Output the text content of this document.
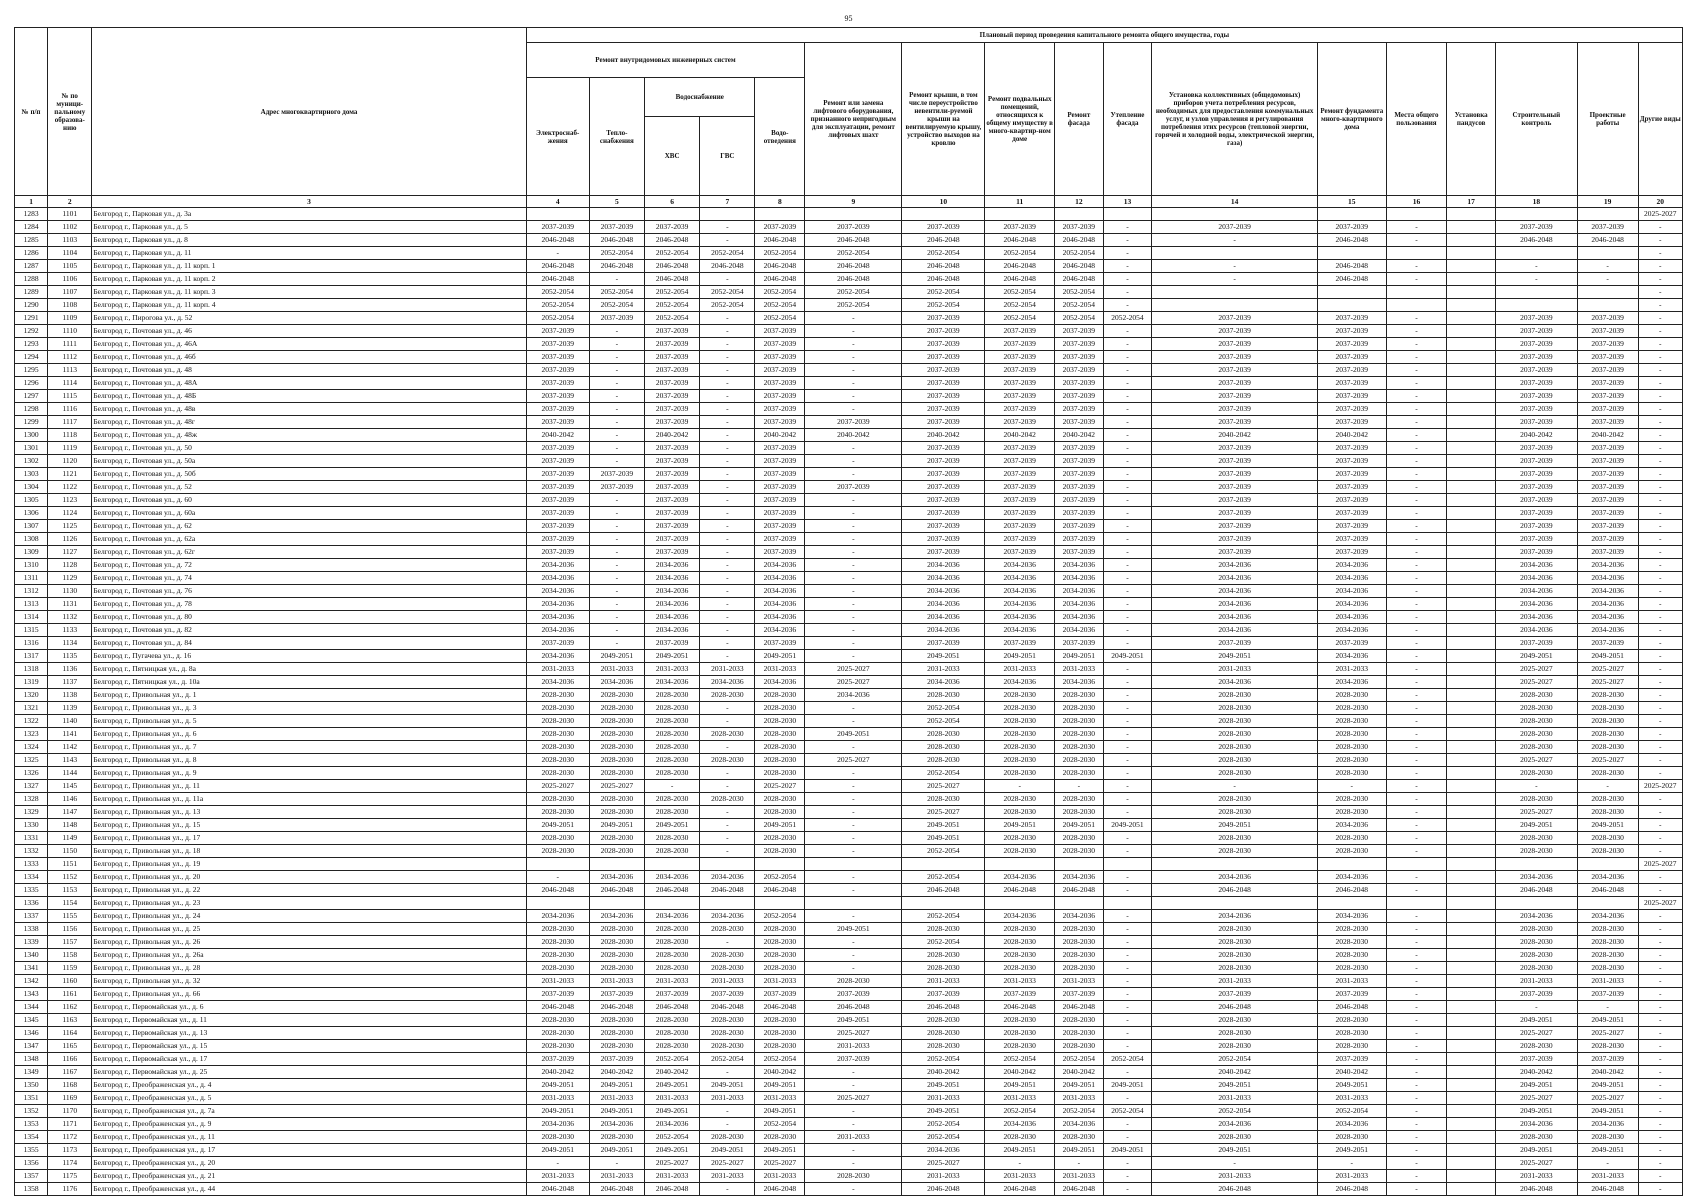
95
№ п/п	№ по муници-пальному образова-нию	Адрес многоквартирного дома	Плановый период проведения капитального ремонта общего имущества, годы																
			Ремонт внутридомовых инженерных систем					Ремонт или замена лифтового оборудования, признанного непригодным для эксплуатации, ремонт лифтовых шахт	Ремонт крыши, в том числе переустройство невентили-руемой крыши на вентилируемую крышу, устройство выходов на кровлю	Ремонт подвальных помещений, относящихся к общему имуществу в много-квартир-ном доме	Ремонт фасада	Утепление фасада	Установка коллективных (общедомовых) приборов учета потребления ресурсов, необходимых для предоставления коммунальных услуг, и узлов управления и регулирования потребления этих ресурсов (тепловой энергии, горячей и холодной воды, электрической энергии, газа)	Ремонт фундамента много-квартирного дома	Места общего пользования	Установка пандусов	Строительный контроль	Проектные работы	Другие виды
			Электроснаб-жения	Тепло-снабжения	Водоснабжение		Водо-отведения												
					ХВС	ГВС													
1	2	3	4	5	6	7	8	9	10	11	12	13	14	15	16	17	18	19	20
1283	1101	Белгород г., Парковая ул., д. 3а																	2025-2027
1284	1102	Белгород г., Парковая ул., д. 5	2037-2039	2037-2039	2037-2039	-	2037-2039	2037-2039	2037-2039	2037-2039	2037-2039	-	2037-2039	2037-2039	-		2037-2039	2037-2039	-
1285	1103	Белгород г., Парковая ул., д. 8	2046-2048	2046-2048	2046-2048	-	2046-2048	2046-2048	2046-2048	2046-2048	2046-2048	-	-	2046-2048	-		2046-2048	2046-2048	-
1286	1104	Белгород г., Парковая ул., д. 11	-	2052-2054	2052-2054	2052-2054	2052-2054	2052-2054	2052-2054	2052-2054	2052-2054	-							-
1287	1105	Белгород г., Парковая ул., д. 11 корп. 1	2046-2048	2046-2048	2046-2048	2046-2048	2046-2048	2046-2048	2046-2048	2046-2048	2046-2048	-	-	2046-2048	-		-	-	-
1288	1106	Белгород г., Парковая ул., д. 11 корп. 2	2046-2048	-	2046-2048	-	2046-2048	2046-2048	2046-2048	2046-2048	2046-2048	-	-	2046-2048	-		-	-	-
1289	1107	Белгород г., Парковая ул., д. 11 корп. 3	2052-2054	2052-2054	2052-2054	2052-2054	2052-2054	2052-2054	2052-2054	2052-2054	2052-2054	-							-
1290	1108	Белгород г., Парковая ул., д. 11 корп. 4	2052-2054	2052-2054	2052-2054	2052-2054	2052-2054	2052-2054	2052-2054	2052-2054	2052-2054	-							-
1291	1109	Белгород г., Пирогова ул., д. 52	2052-2054	2037-2039	2052-2054	-	2052-2054	-	2037-2039	2052-2054	2052-2054	2052-2054	2037-2039	2037-2039	-		2037-2039	2037-2039	-
1292	1110	Белгород г., Почтовая ул., д. 46	2037-2039	-	2037-2039	-	2037-2039	-	2037-2039	2037-2039	2037-2039	-	2037-2039	2037-2039	-		2037-2039	2037-2039	-
1293	1111	Белгород г., Почтовая ул., д. 46А	2037-2039	-	2037-2039	-	2037-2039	-	2037-2039	2037-2039	2037-2039	-	2037-2039	2037-2039	-		2037-2039	2037-2039	-
1294	1112	Белгород г., Почтовая ул., д. 46б	2037-2039	-	2037-2039	-	2037-2039	-	2037-2039	2037-2039	2037-2039	-	2037-2039	2037-2039	-		2037-2039	2037-2039	-
1295	1113	Белгород г., Почтовая ул., д. 48	2037-2039	-	2037-2039	-	2037-2039	-	2037-2039	2037-2039	2037-2039	-	2037-2039	2037-2039	-		2037-2039	2037-2039	-
1296	1114	Белгород г., Почтовая ул., д. 48А	2037-2039	-	2037-2039	-	2037-2039	-	2037-2039	2037-2039	2037-2039	-	2037-2039	2037-2039	-		2037-2039	2037-2039	-
1297	1115	Белгород г., Почтовая ул., д. 48Б	2037-2039	-	2037-2039	-	2037-2039	-	2037-2039	2037-2039	2037-2039	-	2037-2039	2037-2039	-		2037-2039	2037-2039	-
1298	1116	Белгород г., Почтовая ул., д. 48в	2037-2039	-	2037-2039	-	2037-2039	-	2037-2039	2037-2039	2037-2039	-	2037-2039	2037-2039	-		2037-2039	2037-2039	-
1299	1117	Белгород г., Почтовая ул., д. 48г	2037-2039	-	2037-2039	-	2037-2039	2037-2039	2037-2039	2037-2039	2037-2039	-	2037-2039	2037-2039	-		2037-2039	2037-2039	-
1300	1118	Белгород г., Почтовая ул., д. 48ж	2040-2042	-	2040-2042	-	2040-2042	2040-2042	2040-2042	2040-2042	2040-2042	-	2040-2042	2040-2042	-		2040-2042	2040-2042	-
1301	1119	Белгород г., Почтовая ул., д. 50	2037-2039	-	2037-2039	-	2037-2039	-	2037-2039	2037-2039	2037-2039	-	2037-2039	2037-2039	-		2037-2039	2037-2039	-
1302	1120	Белгород г., Почтовая ул., д. 50а	2037-2039	-	2037-2039	-	2037-2039	-	2037-2039	2037-2039	2037-2039	-	2037-2039	2037-2039	-		2037-2039	2037-2039	-
1303	1121	Белгород г., Почтовая ул., д. 50б	2037-2039	2037-2039	2037-2039	-	2037-2039	-	2037-2039	2037-2039	2037-2039	-	2037-2039	2037-2039	-		2037-2039	2037-2039	-
1304	1122	Белгород г., Почтовая ул., д. 52	2037-2039	2037-2039	2037-2039	-	2037-2039	2037-2039	2037-2039	2037-2039	2037-2039	-	2037-2039	2037-2039	-		2037-2039	2037-2039	-
1305	1123	Белгород г., Почтовая ул., д. 60	2037-2039	-	2037-2039	-	2037-2039	-	2037-2039	2037-2039	2037-2039	-	2037-2039	2037-2039	-		2037-2039	2037-2039	-
1306	1124	Белгород г., Почтовая ул., д. 60а	2037-2039	-	2037-2039	-	2037-2039	-	2037-2039	2037-2039	2037-2039	-	2037-2039	2037-2039	-		2037-2039	2037-2039	-
1307	1125	Белгород г., Почтовая ул., д. 62	2037-2039	-	2037-2039	-	2037-2039	-	2037-2039	2037-2039	2037-2039	-	2037-2039	2037-2039	-		2037-2039	2037-2039	-
1308	1126	Белгород г., Почтовая ул., д. 62а	2037-2039	-	2037-2039	-	2037-2039	-	2037-2039	2037-2039	2037-2039	-	2037-2039	2037-2039	-		2037-2039	2037-2039	-
1309	1127	Белгород г., Почтовая ул., д. 62г	2037-2039	-	2037-2039	-	2037-2039	-	2037-2039	2037-2039	2037-2039	-	2037-2039	2037-2039	-		2037-2039	2037-2039	-
1310	1128	Белгород г., Почтовая ул., д. 72	2034-2036	-	2034-2036	-	2034-2036	-	2034-2036	2034-2036	2034-2036	-	2034-2036	2034-2036	-		2034-2036	2034-2036	-
1311	1129	Белгород г., Почтовая ул., д. 74	2034-2036	-	2034-2036	-	2034-2036	-	2034-2036	2034-2036	2034-2036	-	2034-2036	2034-2036	-		2034-2036	2034-2036	-
1312	1130	Белгород г., Почтовая ул., д. 76	2034-2036	-	2034-2036	-	2034-2036	-	2034-2036	2034-2036	2034-2036	-	2034-2036	2034-2036	-		2034-2036	2034-2036	-
1313	1131	Белгород г., Почтовая ул., д. 78	2034-2036	-	2034-2036	-	2034-2036	-	2034-2036	2034-2036	2034-2036	-	2034-2036	2034-2036	-		2034-2036	2034-2036	-
1314	1132	Белгород г., Почтовая ул., д. 80	2034-2036	-	2034-2036	-	2034-2036	-	2034-2036	2034-2036	2034-2036	-	2034-2036	2034-2036	-		2034-2036	2034-2036	-
1315	1133	Белгород г., Почтовая ул., д. 82	2034-2036	-	2034-2036	-	2034-2036	-	2034-2036	2034-2036	2034-2036	-	2034-2036	2034-2036	-		2034-2036	2034-2036	-
1316	1134	Белгород г., Почтовая ул., д. 84	2037-2039	-	2037-2039	-	2037-2039	-	2037-2039	2037-2039	2037-2039	-	2037-2039	2037-2039	-		2037-2039	2037-2039	-
1317	1135	Белгород г., Пугачева ул., д. 16	2034-2036	2049-2051	2049-2051	-	2049-2051	-	2049-2051	2049-2051	2049-2051	2049-2051	2049-2051	2034-2036	-		2049-2051	2049-2051	-
1318	1136	Белгород г., Пятницкая ул., д. 8а	2031-2033	2031-2033	2031-2033	2031-2033	2031-2033	2025-2027	2031-2033	2031-2033	2031-2033	-	2031-2033	2031-2033	-		2025-2027	2025-2027	-
1319	1137	Белгород г., Пятницкая ул., д. 10а	2034-2036	2034-2036	2034-2036	2034-2036	2034-2036	2025-2027	2034-2036	2034-2036	2034-2036	-	2034-2036	2034-2036	-		2025-2027	2025-2027	-
1320	1138	Белгород г., Привольная ул., д. 1	2028-2030	2028-2030	2028-2030	2028-2030	2028-2030	2034-2036	2028-2030	2028-2030	2028-2030	-	2028-2030	2028-2030	-		2028-2030	2028-2030	-
1321	1139	Белгород г., Привольная ул., д. 3	2028-2030	2028-2030	2028-2030	-	2028-2030	-	2052-2054	2028-2030	2028-2030	-	2028-2030	2028-2030	-		2028-2030	2028-2030	-
1322	1140	Белгород г., Привольная ул., д. 5	2028-2030	2028-2030	2028-2030	-	2028-2030	-	2052-2054	2028-2030	2028-2030	-	2028-2030	2028-2030	-		2028-2030	2028-2030	-
1323	1141	Белгород г., Привольная ул., д. 6	2028-2030	2028-2030	2028-2030	2028-2030	2028-2030	2049-2051	2028-2030	2028-2030	2028-2030	-	2028-2030	2028-2030	-		2028-2030	2028-2030	-
1324	1142	Белгород г., Привольная ул., д. 7	2028-2030	2028-2030	2028-2030	-	2028-2030	-	2028-2030	2028-2030	2028-2030	-	2028-2030	2028-2030	-		2028-2030	2028-2030	-
1325	1143	Белгород г., Привольная ул., д. 8	2028-2030	2028-2030	2028-2030	2028-2030	2028-2030	2025-2027	2028-2030	2028-2030	2028-2030	-	2028-2030	2028-2030	-		2025-2027	2025-2027	-
1326	1144	Белгород г., Привольная ул., д. 9	2028-2030	2028-2030	2028-2030	-	2028-2030	-	2052-2054	2028-2030	2028-2030	-	2028-2030	2028-2030	-		2028-2030	2028-2030	-
1327	1145	Белгород г., Привольная ул., д. 11	2025-2027	2025-2027	-	-	2025-2027	-	2025-2027	-	-	-	-	-	-		-	-	2025-2027
1328	1146	Белгород г., Привольная ул., д. 11а	2028-2030	2028-2030	2028-2030	2028-2030	2028-2030	-	2028-2030	2028-2030	2028-2030	-	2028-2030	2028-2030	-		2028-2030	2028-2030	-
1329	1147	Белгород г., Привольная ул., д. 13	2028-2030	2028-2030	2028-2030	-	2028-2030	-	2025-2027	2028-2030	2028-2030	-	2028-2030	2028-2030	-		2025-2027	2028-2030	-
1330	1148	Белгород г., Привольная ул., д. 15	2049-2051	2049-2051	2049-2051	-	2049-2051	-	2049-2051	2049-2051	2049-2051	2049-2051	2049-2051	2034-2036	-		2049-2051	2049-2051	-
1331	1149	Белгород г., Привольная ул., д. 17	2028-2030	2028-2030	2028-2030	-	2028-2030	-	2049-2051	2028-2030	2028-2030	-	2028-2030	2028-2030	-		2028-2030	2028-2030	-
1332	1150	Белгород г., Привольная ул., д. 18	2028-2030	2028-2030	2028-2030	-	2028-2030	-	2052-2054	2028-2030	2028-2030	-	2028-2030	2028-2030	-		2028-2030	2028-2030	-
1333	1151	Белгород г., Привольная ул., д. 19																	2025-2027
1334	1152	Белгород г., Привольная ул., д. 20	-	2034-2036	2034-2036	2034-2036	2052-2054	-	2052-2054	2034-2036	2034-2036	-	2034-2036	2034-2036	-		2034-2036	2034-2036	-
1335	1153	Белгород г., Привольная ул., д. 22	2046-2048	2046-2048	2046-2048	2046-2048	2046-2048	-	2046-2048	2046-2048	2046-2048	-	2046-2048	2046-2048	-		2046-2048	2046-2048	-
1336	1154	Белгород г., Привольная ул., д. 23																	2025-2027
1337	1155	Белгород г., Привольная ул., д. 24	2034-2036	2034-2036	2034-2036	2034-2036	2052-2054	-	2052-2054	2034-2036	2034-2036	-	2034-2036	2034-2036	-		2034-2036	2034-2036	-
1338	1156	Белгород г., Привольная ул., д. 25	2028-2030	2028-2030	2028-2030	2028-2030	2028-2030	2049-2051	2028-2030	2028-2030	2028-2030	-	2028-2030	2028-2030	-		2028-2030	2028-2030	-
1339	1157	Белгород г., Привольная ул., д. 26	2028-2030	2028-2030	2028-2030	-	2028-2030	-	2052-2054	2028-2030	2028-2030	-	2028-2030	2028-2030	-		2028-2030	2028-2030	-
1340	1158	Белгород г., Привольная ул., д. 26а	2028-2030	2028-2030	2028-2030	2028-2030	2028-2030	-	2028-2030	2028-2030	2028-2030	-	2028-2030	2028-2030	-		2028-2030	2028-2030	-
1341	1159	Белгород г., Привольная ул., д. 28	2028-2030	2028-2030	2028-2030	2028-2030	2028-2030	-	2028-2030	2028-2030	2028-2030	-	2028-2030	2028-2030	-		2028-2030	2028-2030	-
1342	1160	Белгород г., Привольная ул., д. 32	2031-2033	2031-2033	2031-2033	2031-2033	2031-2033	2028-2030	2031-2033	2031-2033	2031-2033	-	2031-2033	2031-2033	-		2031-2033	2031-2033	-
1343	1161	Белгород г., Привольная ул., д. 66	2037-2039	2037-2039	2037-2039	2037-2039	2037-2039	2037-2039	2037-2039	2037-2039	2037-2039	-	2037-2039	2037-2039	-		2037-2039	2037-2039	-
1344	1162	Белгород г., Первомайская ул., д. 6	2046-2048	2046-2048	2046-2048	2046-2048	2046-2048	2046-2048	2046-2048	2046-2048	2046-2048	-	2046-2048	2046-2048	-		-	-	-
1345	1163	Белгород г., Первомайская ул., д. 11	2028-2030	2028-2030	2028-2030	2028-2030	2028-2030	2049-2051	2028-2030	2028-2030	2028-2030	-	2028-2030	2028-2030	-		2049-2051	2049-2051	-
1346	1164	Белгород г., Первомайская ул., д. 13	2028-2030	2028-2030	2028-2030	2028-2030	2028-2030	2025-2027	2028-2030	2028-2030	2028-2030	-	2028-2030	2028-2030	-		2025-2027	2025-2027	-
1347	1165	Белгород г., Первомайская ул., д. 15	2028-2030	2028-2030	2028-2030	2028-2030	2028-2030	2031-2033	2028-2030	2028-2030	2028-2030	-	2028-2030	2028-2030	-		2028-2030	2028-2030	-
1348	1166	Белгород г., Первомайская ул., д. 17	2037-2039	2037-2039	2052-2054	2052-2054	2052-2054	2037-2039	2052-2054	2052-2054	2052-2054	2052-2054	2052-2054	2037-2039	-		2037-2039	2037-2039	-
1349	1167	Белгород г., Первомайская ул., д. 25	2040-2042	2040-2042	2040-2042	-	2040-2042	-	2040-2042	2040-2042	2040-2042	-	2040-2042	2040-2042	-		2040-2042	2040-2042	-
1350	1168	Белгород г., Преображенская ул., д. 4	2049-2051	2049-2051	2049-2051	2049-2051	2049-2051	-	2049-2051	2049-2051	2049-2051	2049-2051	2049-2051	2049-2051	-		2049-2051	2049-2051	-
1351	1169	Белгород г., Преображенская ул., д. 5	2031-2033	2031-2033	2031-2033	2031-2033	2031-2033	2025-2027	2031-2033	2031-2033	2031-2033	-	2031-2033	2031-2033	-		2025-2027	2025-2027	-
1352	1170	Белгород г., Преображенская ул., д. 7а	2049-2051	2049-2051	2049-2051	-	2049-2051	-	2049-2051	2052-2054	2052-2054	2052-2054	2052-2054	2052-2054	-		2049-2051	2049-2051	-
1353	1171	Белгород г., Преображенская ул., д. 9	2034-2036	2034-2036	2034-2036	-	2052-2054	-	2052-2054	2034-2036	2034-2036	-	2034-2036	2034-2036	-		2034-2036	2034-2036	-
1354	1172	Белгород г., Преображенская ул., д. 11	2028-2030	2028-2030	2052-2054	2028-2030	2028-2030	2031-2033	2052-2054	2028-2030	2028-2030	-	2028-2030	2028-2030	-		2028-2030	2028-2030	-
1355	1173	Белгород г., Преображенская ул., д. 17	2049-2051	2049-2051	2049-2051	2049-2051	2049-2051	-	2034-2036	2049-2051	2049-2051	2049-2051	2049-2051	2049-2051	-		2049-2051	2049-2051	-
1356	1174	Белгород г., Преображенская ул., д. 20	-	-	2025-2027	2025-2027	2025-2027	-	2025-2027	-	-	-	-	-	-		2025-2027	-	-
1357	1175	Белгород г., Преображенская ул., д. 21	2031-2033	2031-2033	2031-2033	2031-2033	2031-2033	2028-2030	2031-2033	2031-2033	2031-2033	-	2031-2033	2031-2033	-		2031-2033	2031-2033	-
1358	1176	Белгород г., Преображенская ул., д. 44	2046-2048	2046-2048	2046-2048	-	2046-2048	-	2046-2048	2046-2048	2046-2048	-	2046-2048	2046-2048	-		2046-2048	2046-2048	-
